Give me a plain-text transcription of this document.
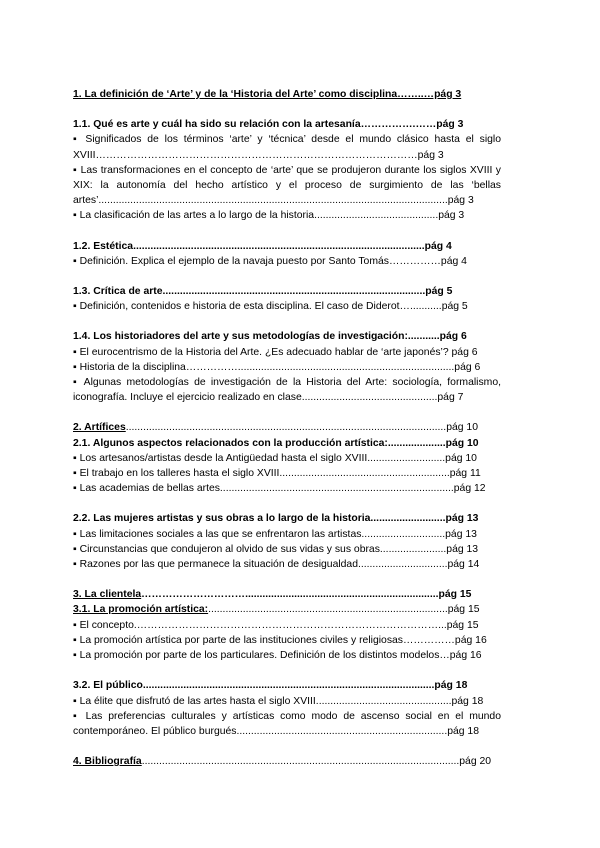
1. La definición de ‘Arte’ y de la ‘Historia del Arte’ como disciplina……..…pág 3
1.1. Qué es arte y cuál ha sido su relación con la artesanía…………….……pág 3
▪ Significados de los términos ‘arte’ y ‘técnica’ desde el mundo clásico hasta el siglo XVIII…………………………………………………………………………………pág 3
▪ Las transformaciones en el concepto de ‘arte’ que se produjeron durante los siglos XVIII y XIX: la autonomía del hecho artístico y el proceso de surgimiento de las ‘bellas artes’.........................................................................................................................pág 3
▪ La clasificación de las artes a lo largo de la historia...........................................pág 3
1.2. Estética.....................................................................................................pág 4
▪ Definición. Explica el ejemplo de la navaja puesto por Santo Tomás……………pág 4
1.3. Crítica de arte...........................................................................................pág 5
▪ Definición, contenidos e historia de esta disciplina. El caso de Diderot…...........pág 5
1.4. Los historiadores del arte y sus metodologías de investigación:...........pág 6
▪ El eurocentrismo de la Historia del Arte. ¿Es adecuado hablar de ‘arte japonés’? pág 6
▪ Historia de la disciplina……………...........................................................................pág 6
▪ Algunas metodologías de investigación de la Historia del Arte: sociología, formalismo, iconografía. Incluye el ejercicio realizado en clase...............................................pág 7
2. Artífices...............................................................................................................pág 10
2.1. Algunos aspectos relacionados con la producción artística:....................pág 10
▪ Los artesanos/artistas desde la Antigüedad hasta el siglo XVIII...........................pág 10
▪ El trabajo en los talleres hasta el siglo XVIII...........................................................pág 11
▪ Las academias de bellas artes.................................................................................pág 12
2.2. Las mujeres artistas y sus obras a lo largo de la historia..........................pág 13
▪ Las limitaciones sociales a las que se enfrentaron las artistas.............................pág 13
▪ Circunstancias que condujeron al olvido de sus vidas y sus obras.......................pág 13
▪ Razones por las que permanece la situación de desigualdad...............................pág 14
3. La clientela…………………………...................................................................pág 15
3.1. La promoción artística:...................................................................................pág 15
▪ El concepto.……………………………………………………………………………...pág 15
▪ La promoción artística por parte de las instituciones civiles y religiosas……………pág 16
▪ La promoción por parte de los particulares. Definición de los distintos modelos…pág 16
3.2. El público.....................................................................................................pág 18
▪ La élite que disfrutó de las artes hasta el siglo XVIII...............................................pág 18
▪ Las preferencias culturales y artísticas como modo de ascenso social en el mundo contemporáneo. El público burgués.........................................................................pág 18
4. Bibliografía..............................................................................................................pág 20
